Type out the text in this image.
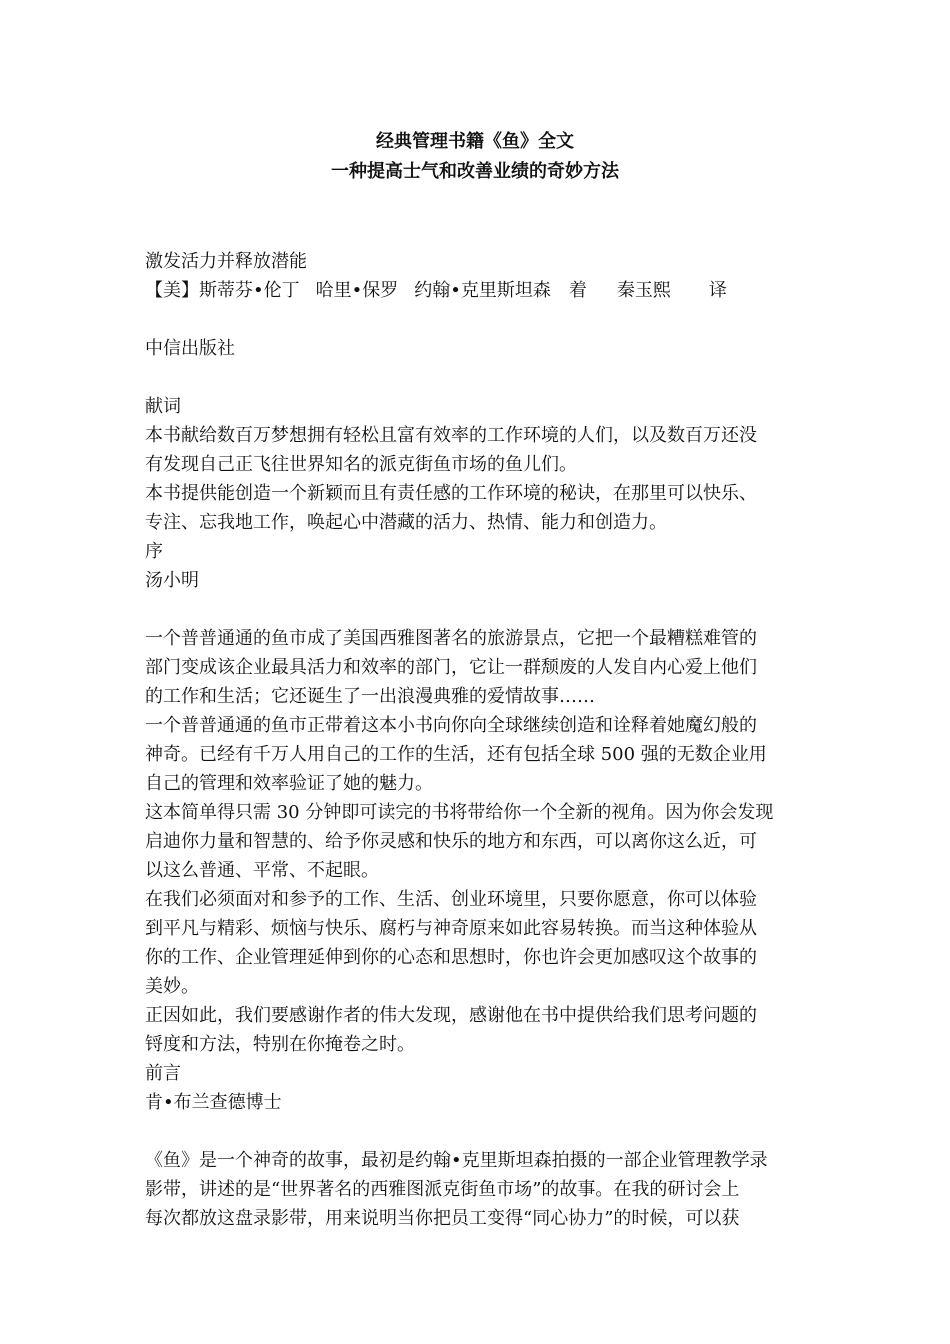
经典管理书籍《鱼》全文
一种提高士气和改善业绩的奇妙方法
激发活力并释放潜能
【美】斯蒂芬•伦丁 哈里•保罗 约翰•克里斯坦森 着 秦玉熙 译
中信出版社
献词
本书献给数百万梦想拥有轻松且富有效率的工作环境的人们，以及数百万还没
有发现自己正飞往世界知名的派克街鱼市场的鱼儿们。
本书提供能创造一个新颖而且有责任感的工作环境的秘诀，在那里可以快乐、
专注、忘我地工作，唤起心中潜藏的活力、热情、能力和创造力。
序
汤小明
一个普普通通的鱼市成了美国西雅图著名的旅游景点，它把一个最糟糕难管的
部门变成该企业最具活力和效率的部门，它让一群颓废的人发自内心爱上他们
的工作和生活；它还诞生了一出浪漫典雅的爱情故事……
一个普普通通的鱼市正带着这本小书向你向全球继续创造和诠释着她魔幻般的
神奇。已经有千万人用自己的工作的生活，还有包括全球 500 强的无数企业用
自己的管理和效率验证了她的魅力。
这本简单得只需 30 分钟即可读完的书将带给你一个全新的视角。因为你会发现
启迪你力量和智慧的、给予你灵感和快乐的地方和东西，可以离你这么近，可
以这么普通、平常、不起眼。
在我们必须面对和参予的工作、生活、创业环境里，只要你愿意，你可以体验
到平凡与精彩、烦恼与快乐、腐朽与神奇原来如此容易转换。而当这种体验从
你的工作、企业管理延伸到你的心态和思想时，你也许会更加感叹这个故事的
美妙。
正因如此，我们要感谢作者的伟大发现，感谢他在书中提供给我们思考问题的
锊度和方法，特别在你掩卷之时。
前言
肯•布兰查德博士
《鱼》是一个神奇的故事，最初是约翰•克里斯坦森拍摄的一部企业管理教学录
影带，讲述的是“世界著名的西雅图派克街鱼市场”的故事。在我的研讨会上
每次都放这盘录影带，用来说明当你把员工变得“同心协力”的时候，可以获
